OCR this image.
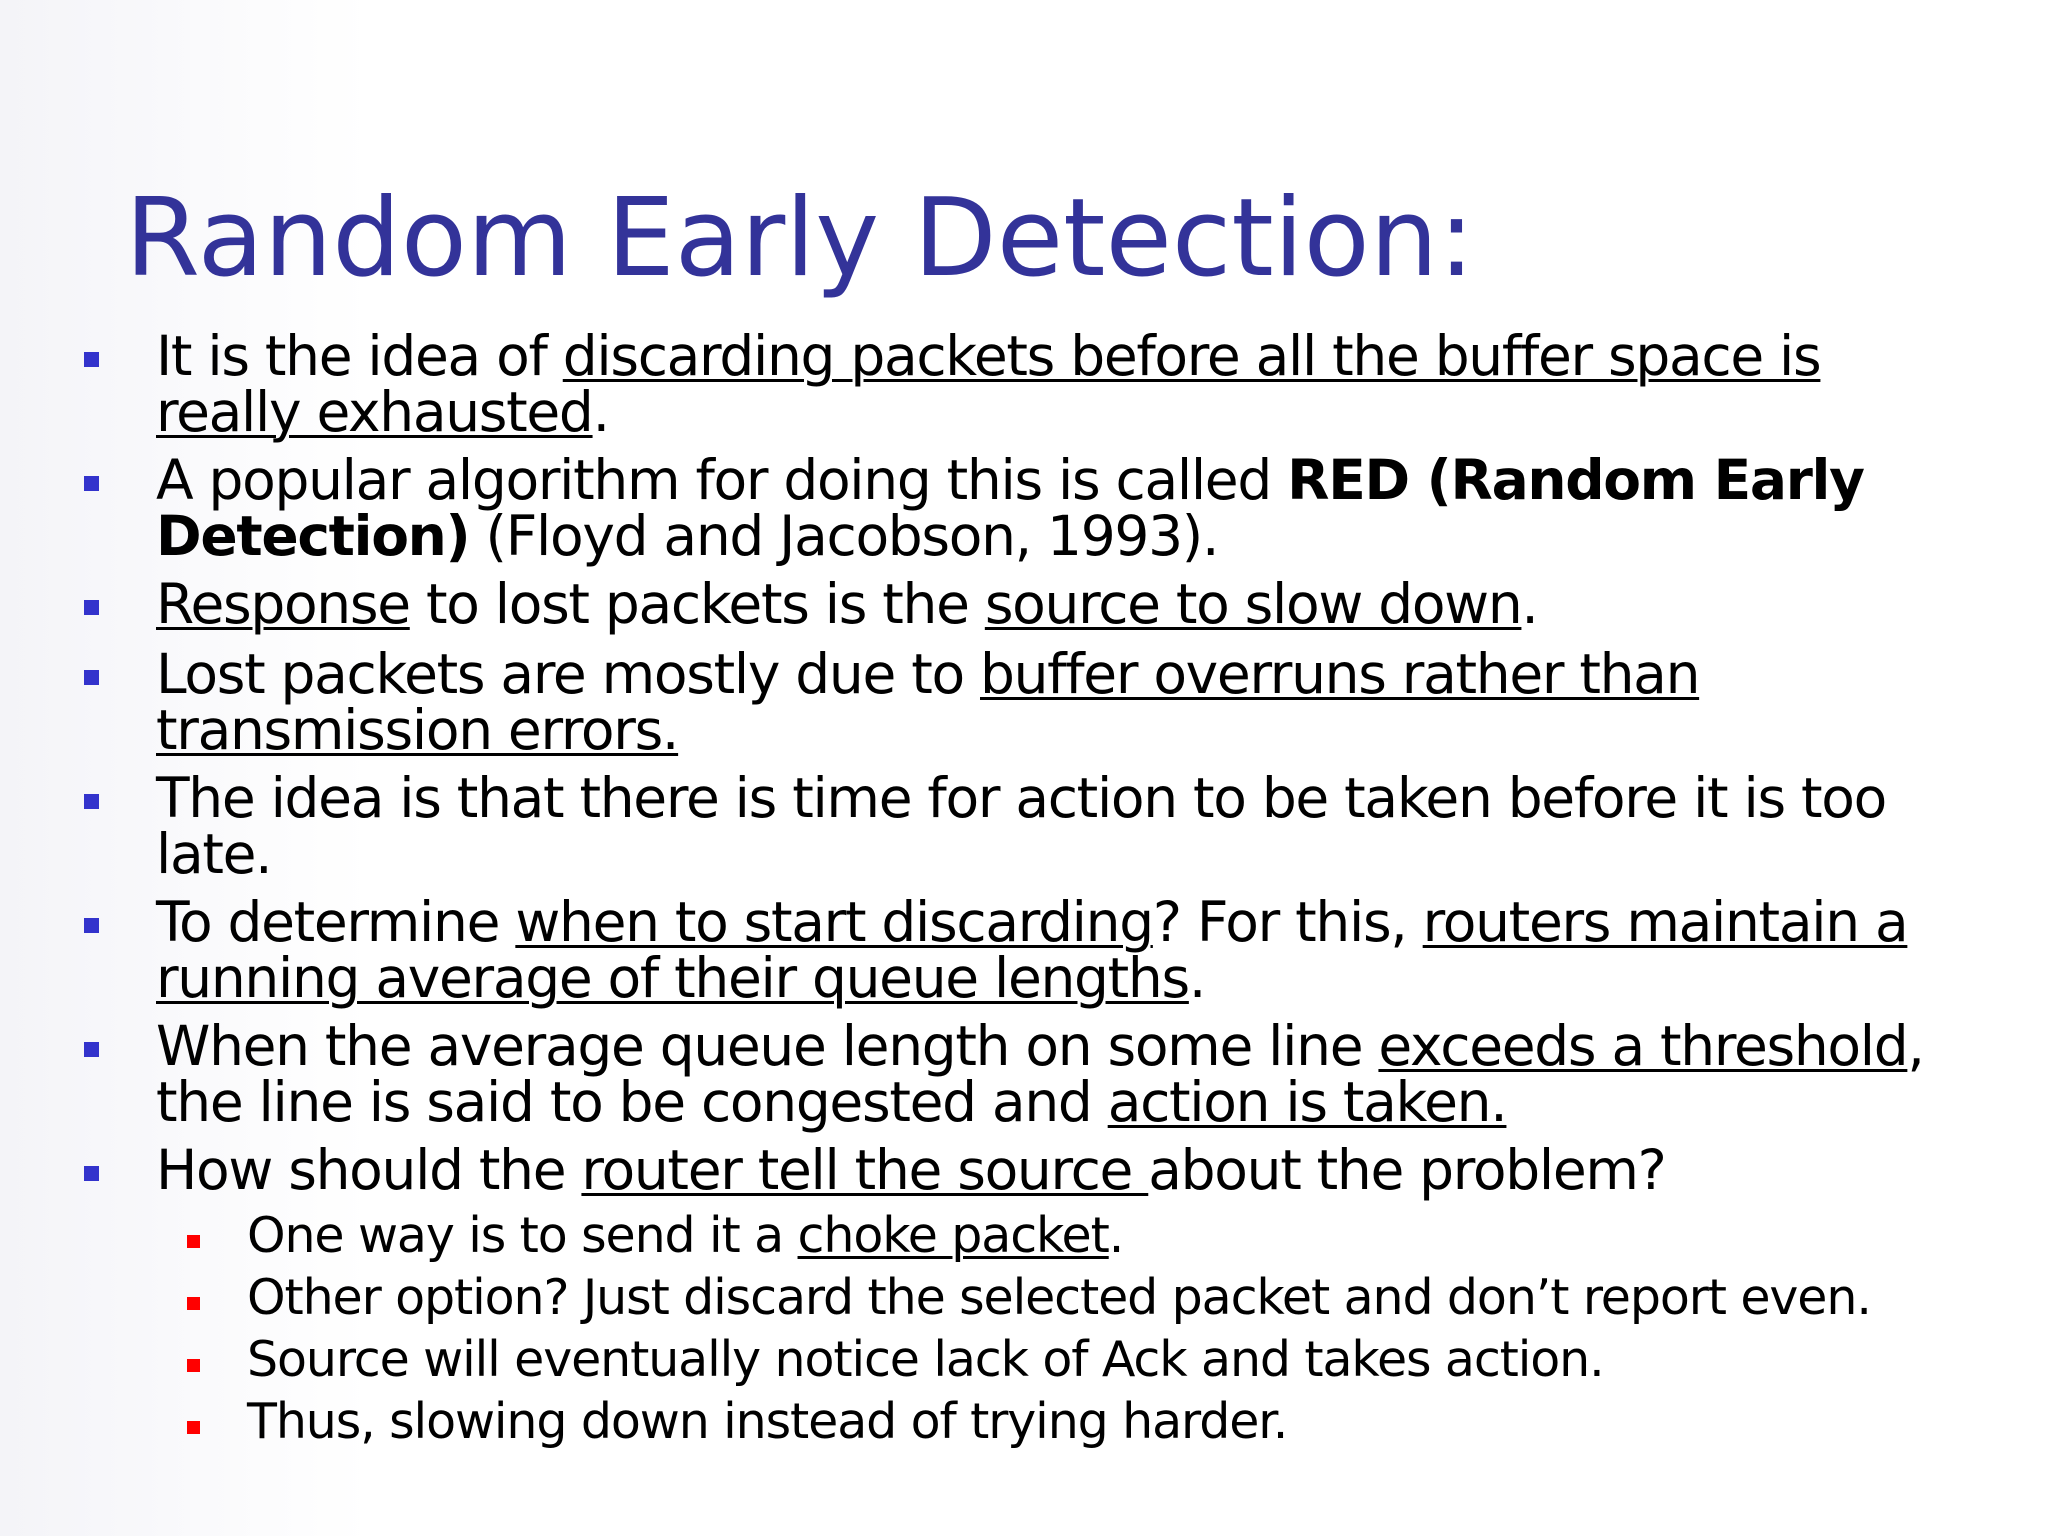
Random Early Detection:
It is the idea of discarding packets before all the buffer space is really exhausted.
A popular algorithm for doing this is called RED (Random Early Detection) (Floyd and Jacobson, 1993).
Response to lost packets is the source to slow down.
Lost packets are mostly due to buffer overruns rather than transmission errors.
The idea is that there is time for action to be taken before it is too late.
To determine when to start discarding? For this, routers maintain a running average of their queue lengths.
When the average queue length on some line exceeds a threshold, the line is said to be congested and action is taken.
How should the router tell the source about the problem?
One way is to send it a choke packet.
Other option? Just discard the selected packet and don’t report even.
Source will eventually notice lack of Ack and takes action.
Thus, slowing down instead of trying harder.
